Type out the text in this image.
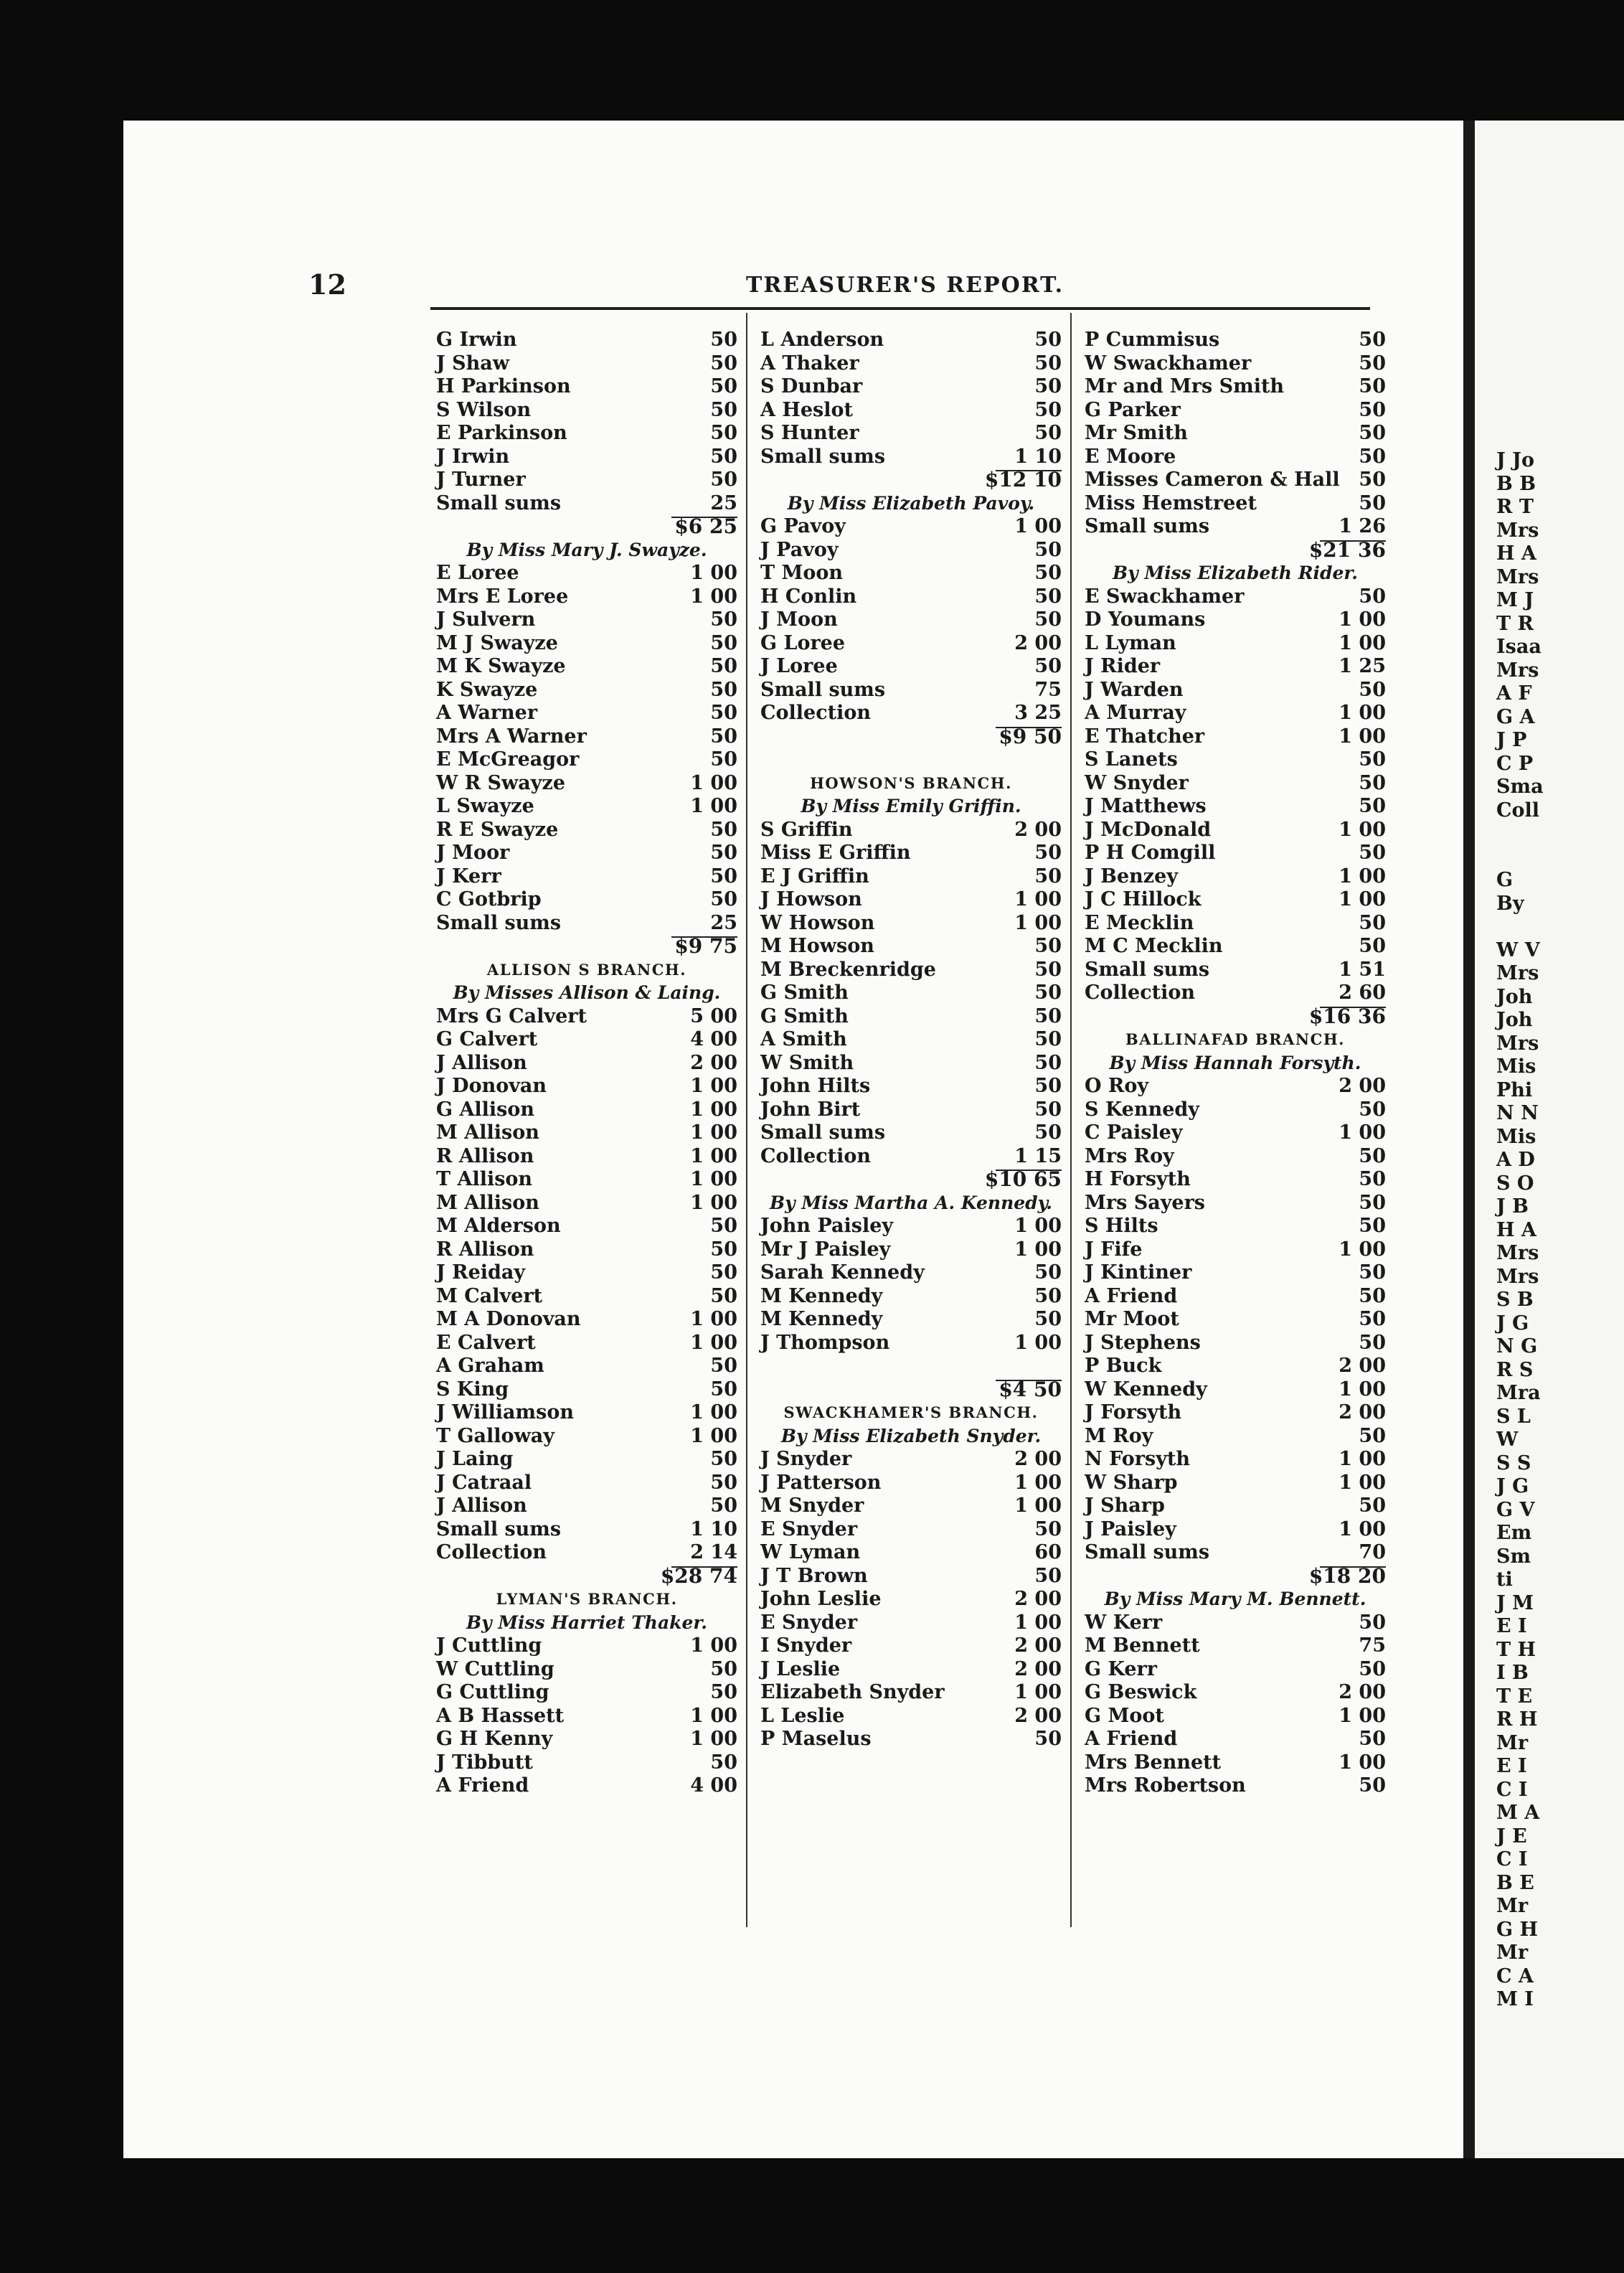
J Jo
B B
R T
Mrs
H A
Mrs
M J
T R
Isaa
Mrs
A F
G A
J P
C P
Sma
Coll
G
By
W V
Mrs
Joh
Joh
Mrs
Mis
Phi
N N
Mis
A D
S O
J B
H A
Mrs
Mrs
S B
J G
N G
R S
Mra
S L
W
S S
J G
G V
Em
Sm
ti
J M
E I
T H
I B
T E
R H
Mr
E I
C I
M A
J E
C I
B E
Mr
G H
Mr
C A
M I
12	TREASURER'S REPORT.
G Irwin	50
J Shaw	50
H Parkinson	50
S Wilson	50
E Parkinson	50
J Irwin	50
J Turner	50
Small sums	25
$6 25
By Miss Mary J. Swayze.
E Loree	1 00
Mrs E Loree	1 00
J Sulvern	50
M J Swayze	50
M K Swayze	50
K Swayze	50
A Warner	50
Mrs A Warner	50
E McGreagor	50
W R Swayze	1 00
L Swayze	1 00
R E Swayze	50
J Moor	50
J Kerr	50
C Gotbrip	50
Small sums	25
$9 75
ALLISON S BRANCH.
By Misses Allison & Laing.
Mrs G Calvert	5 00
G Calvert	4 00
J Allison	2 00
J Donovan	1 00
G Allison	1 00
M Allison	1 00
R Allison	1 00
T Allison	1 00
M Allison	1 00
M Alderson	50
R Allison	50
J Reiday	50
M Calvert	50
M A Donovan	1 00
E Calvert	1 00
A Graham	50
S King	50
J Williamson	1 00
T Galloway	1 00
J Laing	50
J Catraal	50
J Allison	50
Small sums	1 10
Collection	2 14
$28 74
LYMAN'S BRANCH.
By Miss Harriet Thaker.
J Cuttling	1 00
W Cuttling	50
G Cuttling	50
A B Hassett	1 00
G H Kenny	1 00
J Tibbutt	50
A Friend	4 00
L Anderson	50
A Thaker	50
S Dunbar	50
A Heslot	50
S Hunter	50
Small sums	1 10
$12 10
By Miss Elizabeth Pavoy.
G Pavoy	1 00
J Pavoy	50
T Moon	50
H Conlin	50
J Moon	50
G Loree	2 00
J Loree	50
Small sums	75
Collection	3 25
$9 50
HOWSON'S BRANCH.
By Miss Emily Griffin.
S Griffin	2 00
Miss E Griffin	50
E J Griffin	50
J Howson	1 00
W Howson	1 00
M Howson	50
M Breckenridge	50
G Smith	50
G Smith	50
A Smith	50
W Smith	50
John Hilts	50
John Birt	50
Small sums	50
Collection	1 15
$10 65
By Miss Martha A. Kennedy.
John Paisley	1 00
Mr J Paisley	1 00
Sarah Kennedy	50
M Kennedy	50
M Kennedy	50
J Thompson	1 00
$4 50
SWACKHAMER'S BRANCH.
By Miss Elizabeth Snyder.
J Snyder	2 00
J Patterson	1 00
M Snyder	1 00
E Snyder	50
W Lyman	60
J T Brown	50
John Leslie	2 00
E Snyder	1 00
I Snyder	2 00
J Leslie	2 00
Elizabeth Snyder	1 00
L Leslie	2 00
P Maselus	50
P Cummisus	50
W Swackhamer	50
Mr and Mrs Smith	50
G Parker	50
Mr Smith	50
E Moore	50
Misses Cameron & Hall 50
Miss Hemstreet	50
Small sums	1 26
$21 36
By Miss Elizabeth Rider.
E Swackhamer	50
D Youmans	1 00
L Lyman	1 00
J Rider	1 25
J Warden	50
A Murray	1 00
E Thatcher	1 00
S Lanets	50
W Snyder	50
J Matthews	50
J McDonald	1 00
P H Comgill	50
J Benzey	1 00
J C Hillock	1 00
E Mecklin	50
M C Mecklin	50
Small sums	1 51
Collection	2 60
$16 36
BALLINAFAD BRANCH.
By Miss Hannah Forsyth.
O Roy	2 00
S Kennedy	50
C Paisley	1 00
Mrs Roy	50
H Forsyth	50
Mrs Sayers	50
S Hilts	50
J Fife	1 00
J Kintiner	50
A Friend	50
Mr Moot	50
J Stephens	50
P Buck	2 00
W Kennedy	1 00
J Forsyth	2 00
M Roy	50
N Forsyth	1 00
W Sharp	1 00
J Sharp	50
J Paisley	1 00
Small sums	70
$18 20
By Miss Mary M. Bennett.
W Kerr	50
M Bennett	75
G Kerr	50
G Beswick	2 00
G Moot	1 00
A Friend	50
Mrs Bennett	1 00
Mrs Robertson	50
